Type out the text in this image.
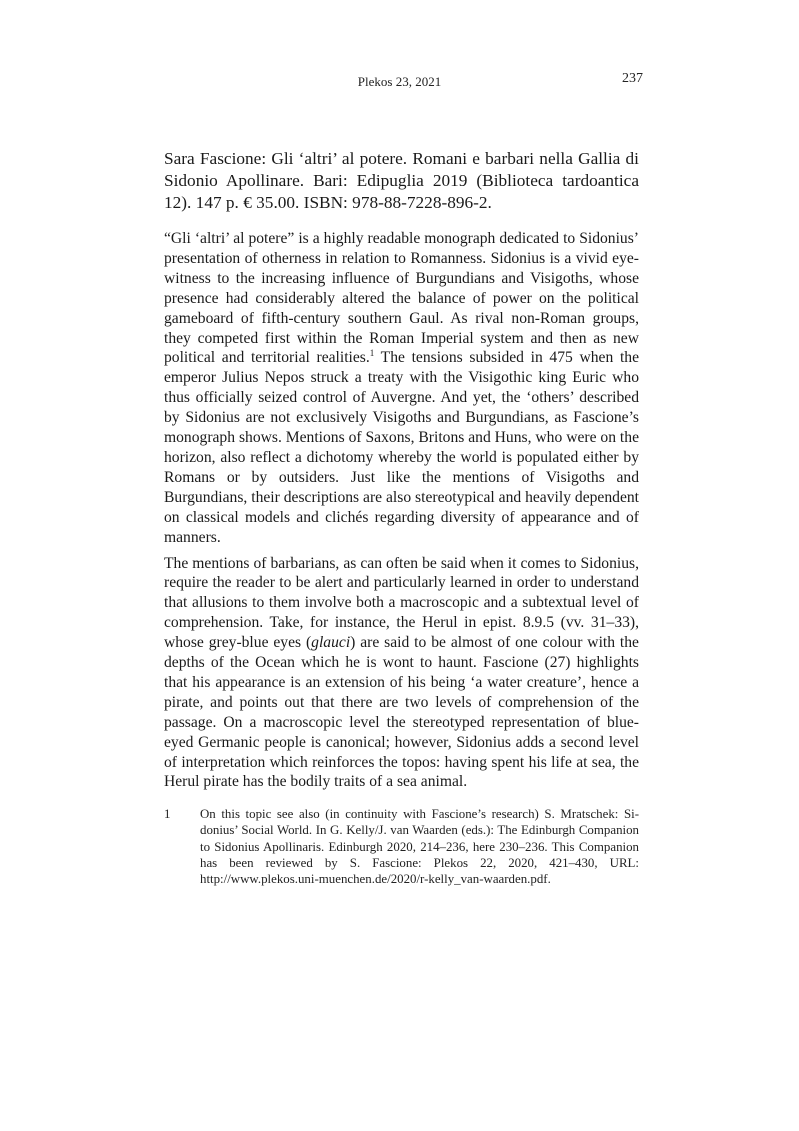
Plekos 23, 2021	237
Sara Fascione: Gli ‘altri’ al potere. Romani e barbari nella Gallia di Sidonio Apollinare. Bari: Edipuglia 2019 (Biblioteca tardoantica 12). 147 p. € 35.00. ISBN: 978-88-7228-896-2.

“Gli ‘altri’ al potere” is a highly readable monograph dedicated to Sidonius’ presentation of otherness in relation to Romanness. Sidonius is a vivid eyewitness to the increasing influence of Burgundians and Visigoths, whose presence had considerably altered the balance of power on the political gameboard of fifth-century southern Gaul. As rival non-Roman groups, they competed first within the Roman Imperial system and then as new political and territorial realities.$^1$ The tensions subsided in 475 when the emperor Julius Nepos struck a treaty with the Visigothic king Euric who thus officially seized control of Auvergne. And yet, the ‘others’ described by Sidonius are not exclusively Visigoths and Burgundians, as Fascione’s monograph shows. Mentions of Saxons, Britons and Huns, who were on the horizon, also reflect a dichotomy whereby the world is populated either by Romans or by outsiders. Just like the mentions of Visigoths and Burgundians, their descriptions are also stereotypical and heavily dependent on classical models and clichés regarding diversity of appearance and of manners.

The mentions of barbarians, as can often be said when it comes to Sidonius, require the reader to be alert and particularly learned in order to understand that allusions to them involve both a macroscopic and a subtextual level of comprehension. Take, for instance, the Herul in epist. 8.9.5 (vv. 31–33), whose grey-blue eyes (glauci) are said to be almost of one colour with the depths of the Ocean which he is wont to haunt. Fascione (27) highlights that his appearance is an extension of his being ‘a water creature’, hence a pirate, and points out that there are two levels of comprehension of the passage. On a macroscopic level the stereotyped representation of blue-eyed Germanic people is canonical; however, Sidonius adds a second level of interpretation which reinforces the topos: having spent his life at sea, the Herul pirate has the bodily traits of a sea animal.

1 On this topic see also (in continuity with Fascione’s research) S. Mratschek: Sidonius’ Social World. In G. Kelly/J. van Waarden (eds.): The Edinburgh Companion to Sidonius Apollinaris. Edinburgh 2020, 214–236, here 230–236. This Companion has been reviewed by S. Fascione: Plekos 22, 2020, 421–430, URL: http://www.plekos.uni-muenchen.de/2020/r-kelly_van-waarden.pdf.
